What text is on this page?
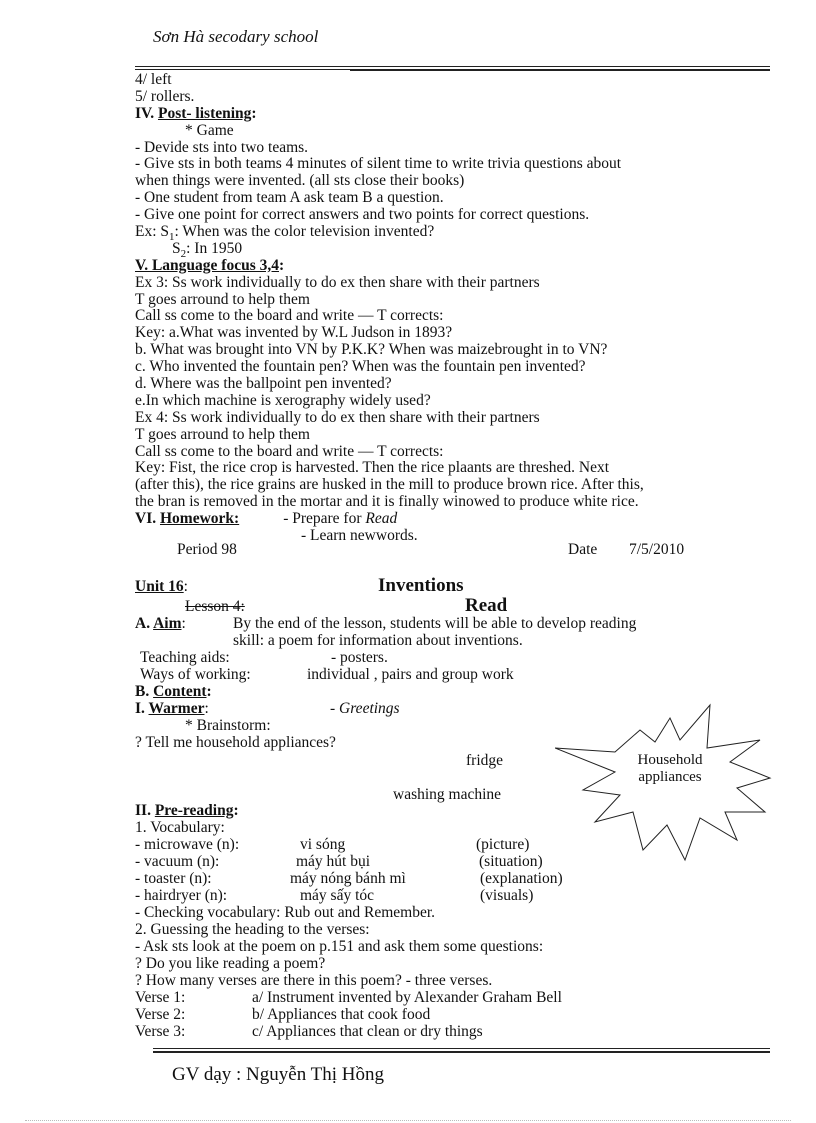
Sơn Hà secodary school
4/ left
5/ rollers.
IV. Post- listening:
* Game
- Devide sts into two teams.
- Give sts in both teams 4 minutes of silent time to write trivia questions about
when things were invented. (all sts close their books)
- One student from team A ask team B a question.
- Give one point for correct answers and two points for correct questions.
Ex: $S_1$: When was the color television invented?
$S_2$: In 1950
V. Language focus 3,4:
Ex 3: Ss work individually to do ex then share with their partners
T goes arround to help them
Call ss come to the board and write — T corrects:
Key: a.What was invented by W.L Judson in 1893?
b. What was brought into VN by P.K.K? When was maizebrought in to VN?
c. Who invented the fountain pen? When was the fountain pen invented?
d. Where was the ballpoint pen invented?
e.In which machine is xerography widely used?
Ex 4: Ss work individually to do ex then share with their partners
T goes arround to help them
Call ss come to the board and write — T corrects:
Key: Fist, the rice crop is harvested. Then the rice plaants are threshed. Next
(after this), the rice grains are husked in the mill to produce brown rice. After this,
the bran is removed in the mortar and it is finally winowed to produce white rice.
VI. Homework:	- Prepare for Read
- Learn newwords.
Period 98	Date 7/5/2010
Unit 16:	Inventions
Lesson 4:	Read
A. Aim:	By the end of the lesson, students will be able to develop reading
skill: a poem for information about inventions.
Teaching aids:	- posters.
Ways of working:	individual , pairs and group work
B. Content:
I. Warmer:	- Greetings
* Brainstorm:
? Tell me household appliances?
fridge
washing machine
Household
appliances
II. Pre-reading:
1. Vocabulary:
- microwave (n):	vi sóng	(picture)
- vacuum (n):	máy hút bụi	(situation)
- toaster (n):	máy nóng bánh mì	(explanation)
- hairdryer (n):	máy sấy tóc	(visuals)
- Checking vocabulary: Rub out and Remember.
2. Guessing the heading to the verses:
- Ask sts look at the poem on p.151 and ask them some questions:
? Do you like reading a poem?
? How many verses are there in this poem? - three verses.
Verse 1:	a/ Instrument invented by Alexander Graham Bell
Verse 2:	b/ Appliances that cook food
Verse 3:	c/ Appliances that clean or dry things
GV dạy : Nguyễn Thị Hồng
